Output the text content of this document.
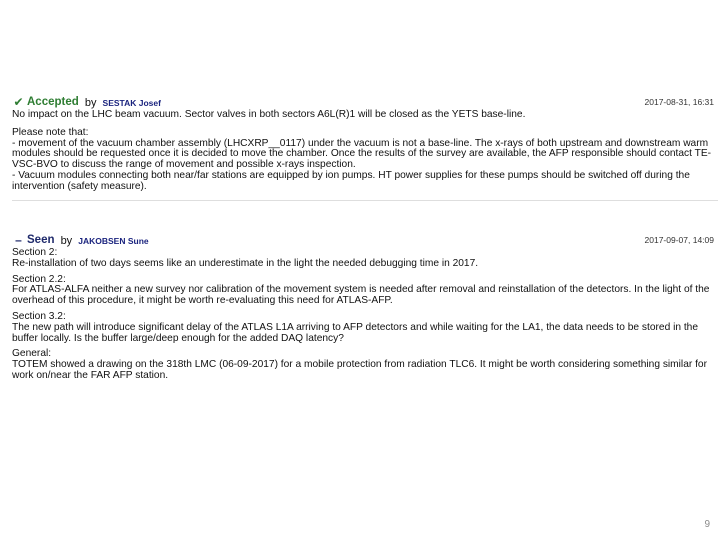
✔ Accepted by SESTAK Josef	2017-08-31, 16:31

No impact on the LHC beam vacuum. Sector valves in both sectors A6L(R)1 will be closed as the YETS base-line.

Please note that:

- movement of the vacuum chamber assembly (LHCXRP__0117) under the vacuum is not a base-line. The x-rays of both upstream and downstream warm modules should be requested once it is decided to move the chamber. Once the results of the survey are available, the AFP responsible should contact TE-VSC-BVO to discuss the range of movement and possible x-rays inspection.

- Vacuum modules connecting both near/far stations are equipped by ion pumps. HT power supplies for these pumps should be switched off during the intervention (safety measure).

– Seen by JAKOBSEN Sune	2017-09-07, 14:09

Section 2:

Re-installation of two days seems like an underestimate in the light the needed debugging time in 2017.

Section 2.2:

For ATLAS-ALFA neither a new survey nor calibration of the movement system is needed after removal and reinstallation of the detectors. In the light of the overhead of this procedure, it might be worth re-evaluating this need for ATLAS-AFP.

Section 3.2:

The new path will introduce significant delay of the ATLAS L1A arriving to AFP detectors and while waiting for the LA1, the data needs to be stored in the buffer locally. Is the buffer large/deep enough for the added DAQ latency?

General:

TOTEM showed a drawing on the 318th LMC (06-09-2017) for a mobile protection from radiation TLC6. It might be worth considering something similar for work on/near the FAR AFP station.

9
